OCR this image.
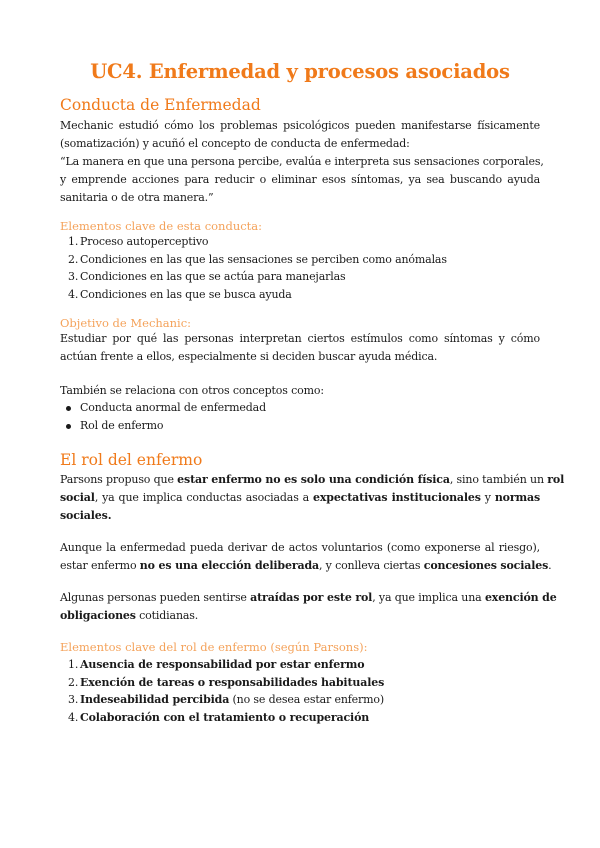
UC4. Enfermedad y procesos asociados
Conducta de Enfermedad
Mechanic estudió cómo los problemas psicológicos pueden manifestarse físicamente
(somatización) y acuñó el concepto de conducta de enfermedad:
“La manera en que una persona percibe, evalúa e interpreta sus sensaciones corporales,
y emprende acciones para reducir o eliminar esos síntomas, ya sea buscando ayuda
sanitaria o de otra manera.”
Elementos clave de esta conducta:
1. Proceso autoperceptivo
2. Condiciones en las que las sensaciones se perciben como anómalas
3. Condiciones en las que se actúa para manejarlas
4. Condiciones en las que se busca ayuda
Objetivo de Mechanic:
Estudiar por qué las personas interpretan ciertos estímulos como síntomas y cómo
actúan frente a ellos, especialmente si deciden buscar ayuda médica.
También se relaciona con otros conceptos como:
Conducta anormal de enfermedad
Rol de enfermo
El rol del enfermo
Parsons propuso que estar enfermo no es solo una condición física, sino también un rol
social, ya que implica conductas asociadas a expectativas institucionales y normas
sociales.
Aunque la enfermedad pueda derivar de actos voluntarios (como exponerse al riesgo),
estar enfermo no es una elección deliberada, y conlleva ciertas concesiones sociales.
Algunas personas pueden sentirse atraídas por este rol, ya que implica una exención de
obligaciones cotidianas.
Elementos clave del rol de enfermo (según Parsons):
1. Ausencia de responsabilidad por estar enfermo
2. Exención de tareas o responsabilidades habituales
3. Indeseabilidad percibida (no se desea estar enfermo)
4. Colaboración con el tratamiento o recuperación
